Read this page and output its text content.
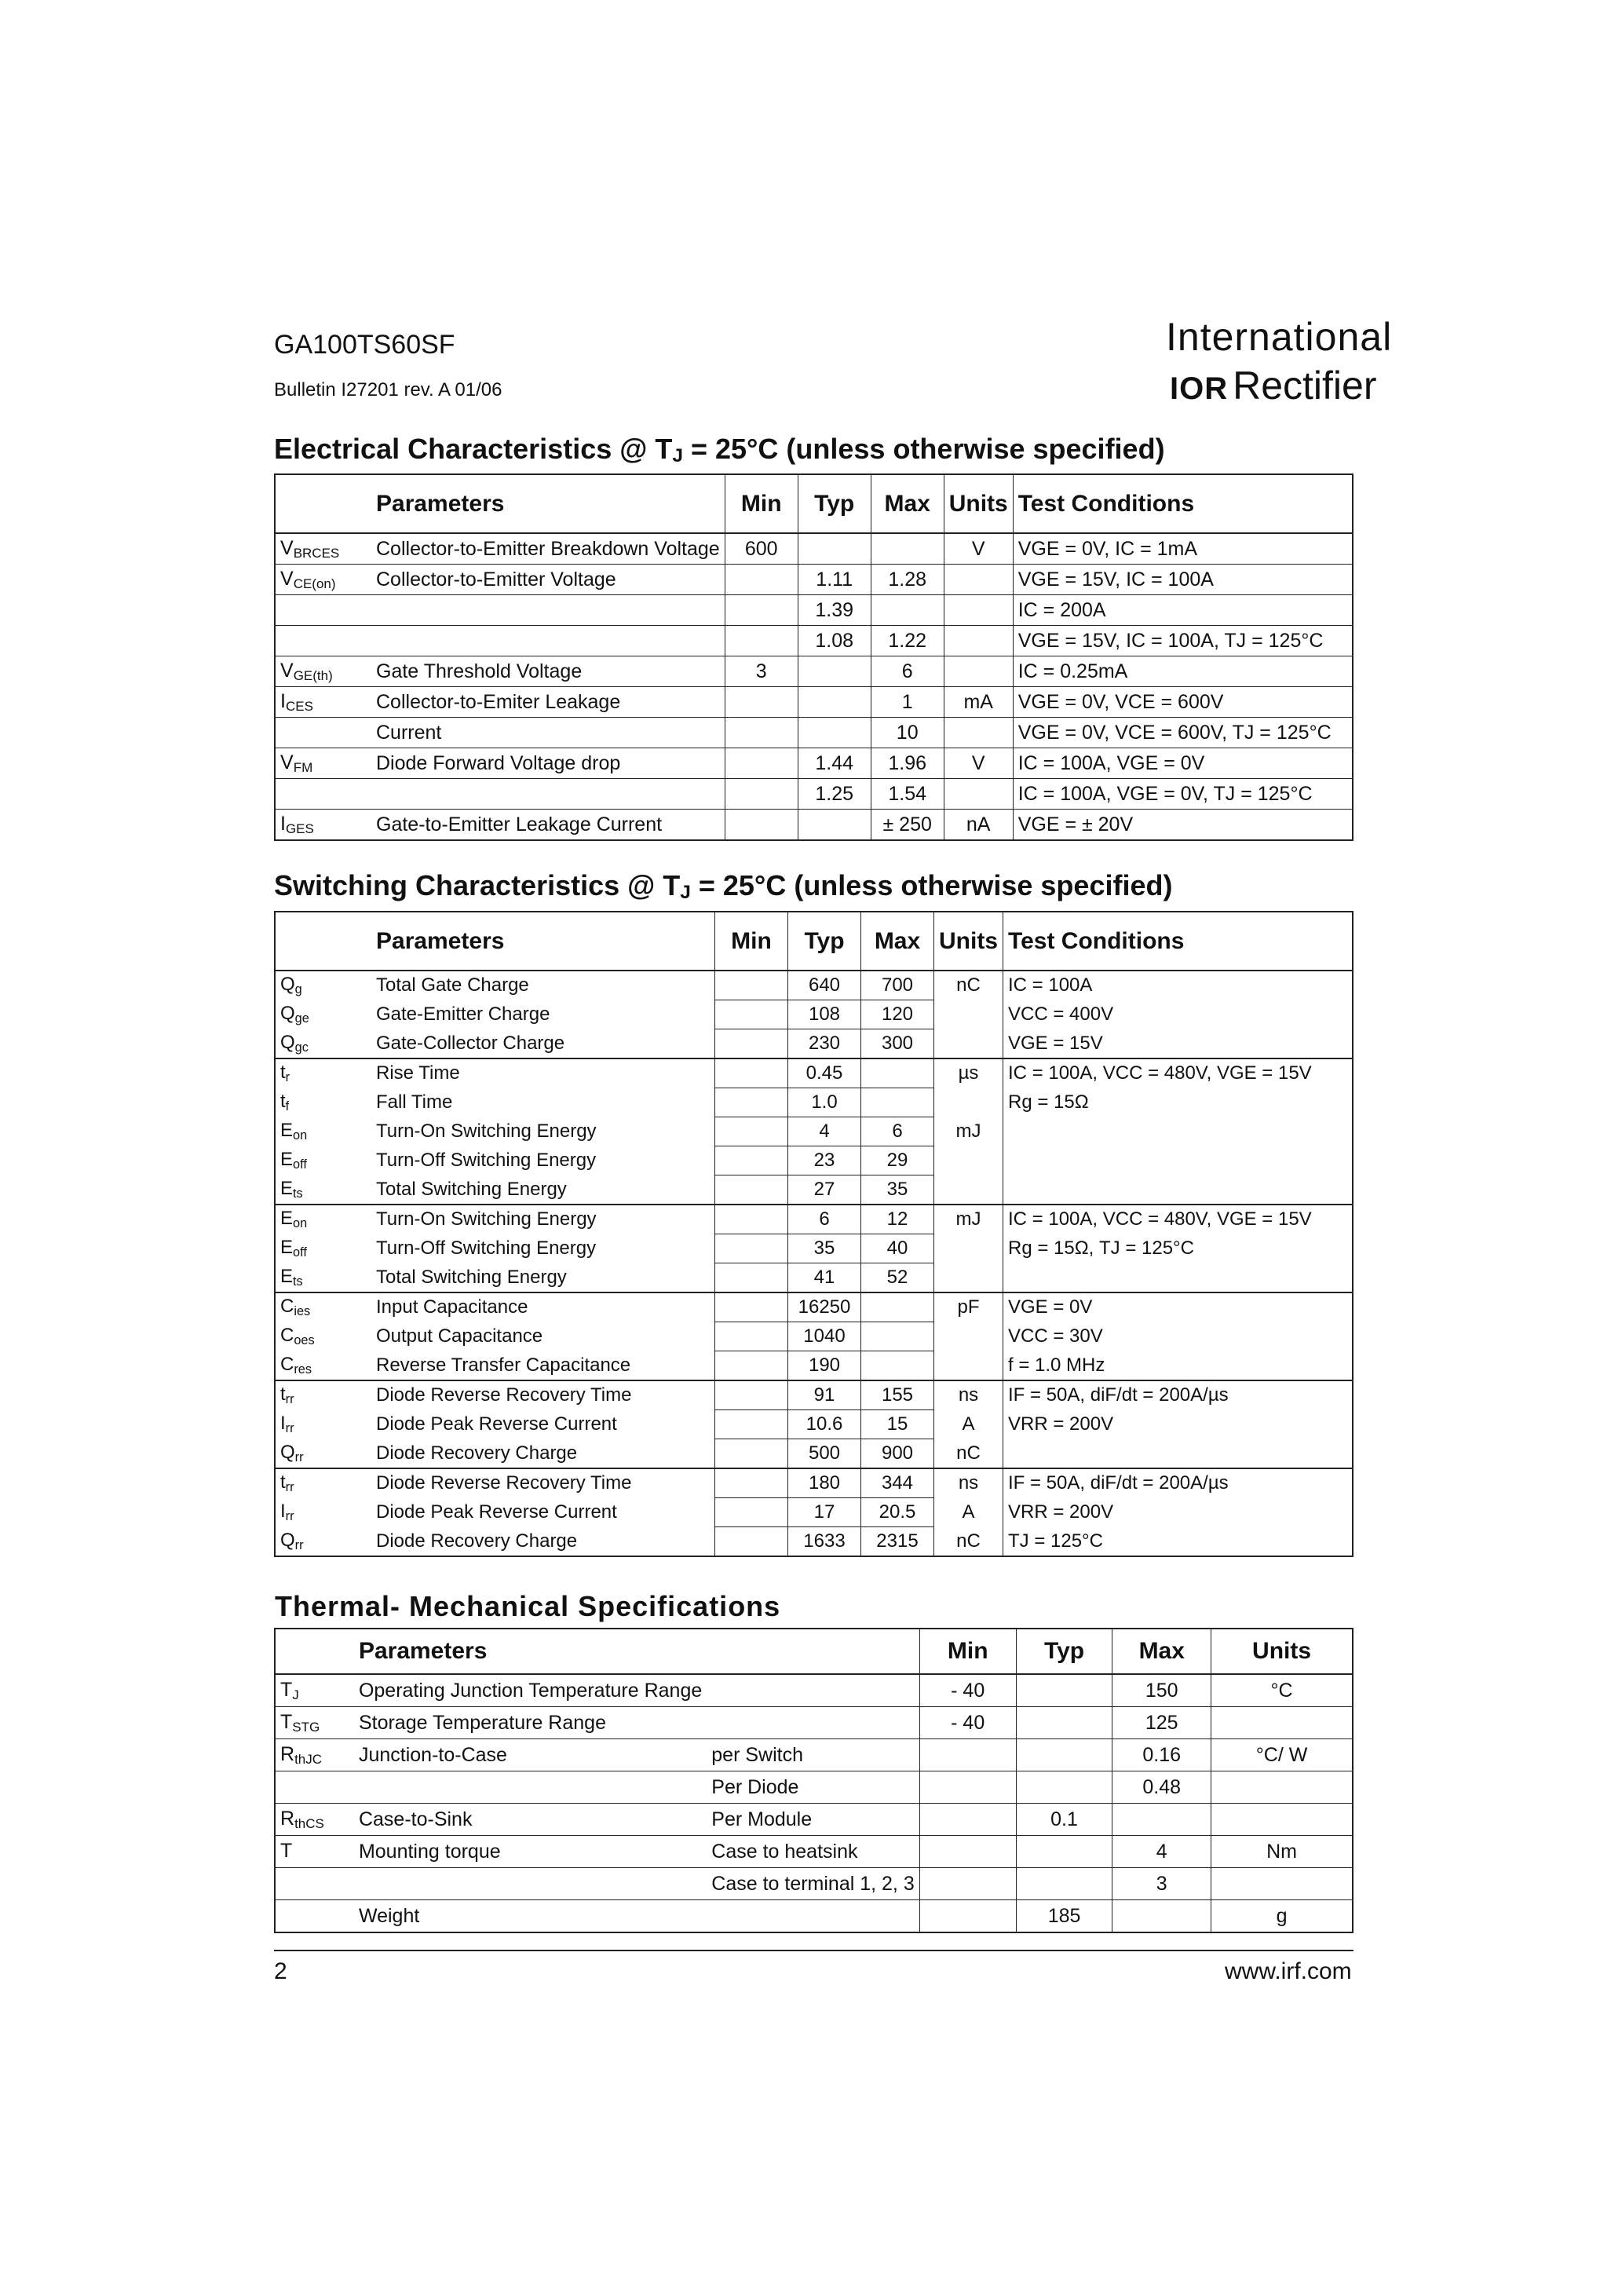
GA100TS60SF
Bulletin I27201 rev. A 01/06
International
IOR Rectifier
Electrical Characteristics @ $T_J = 25^\circ C$ (unless otherwise specified)
	Parameters	Min	Typ	Max	Units	Test Conditions
$V_{BRCES}$	Collector-to-Emitter Breakdown Voltage	600			V	VGE = 0V, IC = 1mA
$V_{CE(on)}$	Collector-to-Emitter Voltage		1.11	1.28		VGE = 15V, IC = 100A
			1.39			IC = 200A
			1.08	1.22		VGE = 15V, IC = 100A, TJ = 125°C
$V_{GE(th)}$	Gate Threshold Voltage	3		6		IC = 0.25mA
$I_{CES}$	Collector-to-Emiter Leakage			1	mA	VGE = 0V, VCE = 600V
	Current			10		VGE = 0V, VCE = 600V, TJ = 125°C
$V_{FM}$	Diode Forward Voltage drop		1.44	1.96	V	IC = 100A, VGE = 0V
			1.25	1.54		IC = 100A, VGE = 0V, TJ = 125°C
$I_{GES}$	Gate-to-Emitter Leakage Current			± 250	nA	VGE = ± 20V
Switching Characteristics @ $T_J = 25^\circ C$ (unless otherwise specified)
	Parameters	Min	Typ	Max	Units	Test Conditions
$Q_g$	Total Gate Charge		640	700	nC	IC = 100A
$Q_{ge}$	Gate-Emitter Charge		108	120		VCC = 400V
$Q_{gc}$	Gate-Collector Charge		230	300		VGE = 15V
$t_r$	Rise Time		0.45		µs	IC = 100A, VCC = 480V, VGE = 15V
$t_f$	Fall Time		1.0			Rg = 15Ω
$E_{on}$	Turn-On Switching Energy		4	6	mJ	
$E_{off}$	Turn-Off Switching Energy		23	29		
$E_{ts}$	Total Switching Energy		27	35		
$E_{on}$	Turn-On Switching Energy		6	12	mJ	IC = 100A, VCC = 480V, VGE = 15V
$E_{off}$	Turn-Off Switching Energy		35	40		Rg = 15Ω, TJ = 125°C
$E_{ts}$	Total Switching Energy		41	52		
$C_{ies}$	Input Capacitance		16250		pF	VGE = 0V
$C_{oes}$	Output Capacitance		1040			VCC = 30V
$C_{res}$	Reverse Transfer Capacitance		190			f = 1.0 MHz
$t_{rr}$	Diode Reverse Recovery Time		91	155	ns	IF = 50A, diF/dt = 200A/µs
$I_{rr}$	Diode Peak Reverse Current		10.6	15	A	VRR = 200V
$Q_{rr}$	Diode Recovery Charge		500	900	nC	
$t_{rr}$	Diode Reverse Recovery Time		180	344	ns	IF = 50A, diF/dt = 200A/µs
$I_{rr}$	Diode Peak Reverse Current		17	20.5	A	VRR = 200V
$Q_{rr}$	Diode Recovery Charge		1633	2315	nC	TJ = 125°C
Thermal- Mechanical Specifications
	Parameters		Min	Typ	Max	Units
$T_J$	Operating Junction Temperature Range		- 40		150	°C
$T_{STG}$	Storage Temperature Range		- 40		125	
$R_{thJC}$	Junction-to-Case	per Switch			0.16	°C/ W
		Per Diode			0.48	
$R_{thCS}$	Case-to-Sink	Per Module		0.1		
T	Mounting torque	Case to heatsink			4	Nm
		Case to terminal 1, 2, 3			3	
	Weight			185		g
2	www.irf.com
